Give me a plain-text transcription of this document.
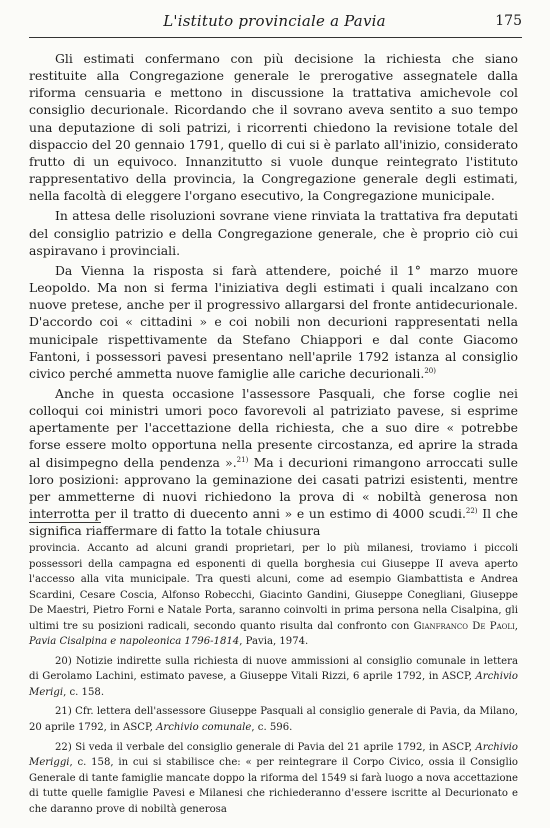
L'istituto provinciale a Pavia	175

Gli estimati confermano con più decisione la richiesta che siano restituite alla Congregazione generale le prerogative assegnatele dalla riforma censuaria e mettono in discussione la trattativa amichevole col consiglio decurionale. Ricordando che il sovrano aveva sentito a suo tempo una deputazione di soli patrizi, i ricorrenti chiedono la revisione totale del dispaccio del 20 gennaio 1791, quello di cui si è parlato all'inizio, considerato frutto di un equivoco. Innanzitutto si vuole dunque reintegrato l'istituto rappresentativo della provincia, la Congregazione generale degli estimati, nella facoltà di eleggere l'organo esecutivo, la Congregazione municipale.

In attesa delle risoluzioni sovrane viene rinviata la trattativa fra deputati del consiglio patrizio e della Congregazione generale, che è proprio ciò cui aspiravano i provinciali.

Da Vienna la risposta si farà attendere, poiché il 1° marzo muore Leopoldo. Ma non si ferma l'iniziativa degli estimati i quali incalzano con nuove pretese, anche per il progressivo allargarsi del fronte antidecurionale. D'accordo coi « cittadini » e coi nobili non decurioni rappresentati nella municipale rispettivamente da Stefano Chiappori e dal conte Giacomo Fantoni, i possessori pavesi presentano nell'aprile 1792 istanza al consiglio civico perché ammetta nuove famiglie alle cariche decurionali.$^{20)}$

Anche in questa occasione l'assessore Pasquali, che forse coglie nei colloqui coi ministri umori poco favorevoli al patriziato pavese, si esprime apertamente per l'accettazione della richiesta, che a suo dire « potrebbe forse essere molto opportuna nella presente circostanza, ed aprire la strada al disimpegno della pendenza ».$^{21)}$ Ma i decurioni rimangono arroccati sulle loro posizioni: approvano la geminazione dei casati patrizi esistenti, mentre per ammetterne di nuovi richiedono la prova di « nobiltà generosa non interrotta per il tratto di duecento anni » e un estimo di 4000 scudi.$^{22)}$ Il che significa riaffermare di fatto la totale chiusura

provincia. Accanto ad alcuni grandi proprietari, per lo più milanesi, troviamo i piccoli possessori della campagna ed esponenti di quella borghesia cui Giuseppe II aveva aperto l'accesso alla vita municipale. Tra questi alcuni, come ad esempio Giambattista e Andrea Scardini, Cesare Coscia, Alfonso Robecchi, Giacinto Gandini, Giuseppe Conegliani, Giuseppe De Maestri, Pietro Forni e Natale Porta, saranno coinvolti in prima persona nella Cisalpina, gli ultimi tre su posizioni radicali, secondo quanto risulta dal confronto con Gianfranco De Paoli, Pavia Cisalpina e napoleonica 1796-1814, Pavia, 1974.

20) Notizie indirette sulla richiesta di nuove ammissioni al consiglio comunale in lettera di Gerolamo Lachini, estimato pavese, a Giuseppe Vitali Rizzi, 6 aprile 1792, in ASCP, Archivio Merigi, c. 158.

21) Cfr. lettera dell'assessore Giuseppe Pasquali al consiglio generale di Pavia, da Milano, 20 aprile 1792, in ASCP, Archivio comunale, c. 596.

22) Si veda il verbale del consiglio generale di Pavia del 21 aprile 1792, in ASCP, Archivio Meriggi, c. 158, in cui si stabilisce che: « per reintegrare il Corpo Civico, ossia il Consiglio Generale di tante famiglie mancate doppo la riforma del 1549 si farà luogo a nova accettazione di tutte quelle famiglie Pavesi e Milanesi che richiederanno d'essere iscritte al Decurionato e che daranno prove di nobiltà generosa
